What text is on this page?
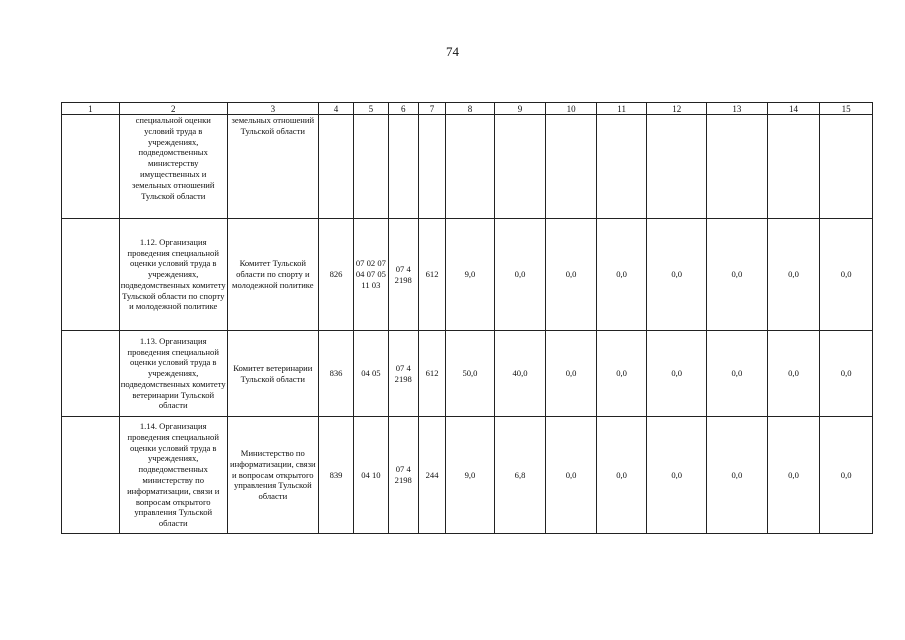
74
1	2	3	4	5	6	7	8	9	10	11	12	13	14	15
	специальной оценки условий труда в учреждениях, подведомственных министерству имущественных и земельных отношений Тульской области	земельных отношений Тульской области												
	1.12. Организация проведения специальной оценки условий труда в учреждениях, подведомственных комитету Тульской области по спорту и молодежной политике	Комитет Тульской области по спорту и молодежной политике	826	07 02 07 04 07 05 11 03	07 4 2198	612	9,0	0,0	0,0	0,0	0,0	0,0	0,0	0,0
	1.13. Организация проведения специальной оценки условий труда в учреждениях, подведомственных комитету ветеринарии Тульской области	Комитет ветеринарии Тульской области	836	04 05	07 4 2198	612	50,0	40,0	0,0	0,0	0,0	0,0	0,0	0,0
	1.14. Организация проведения специальной оценки условий труда в учреждениях, подведомственных министерству по информатизации, связи и вопросам открытого управления Тульской области	Министерство по информатизации, связи и вопросам открытого управления Тульской области	839	04 10	07 4 2198	244	9,0	6,8	0,0	0,0	0,0	0,0	0,0	0,0
